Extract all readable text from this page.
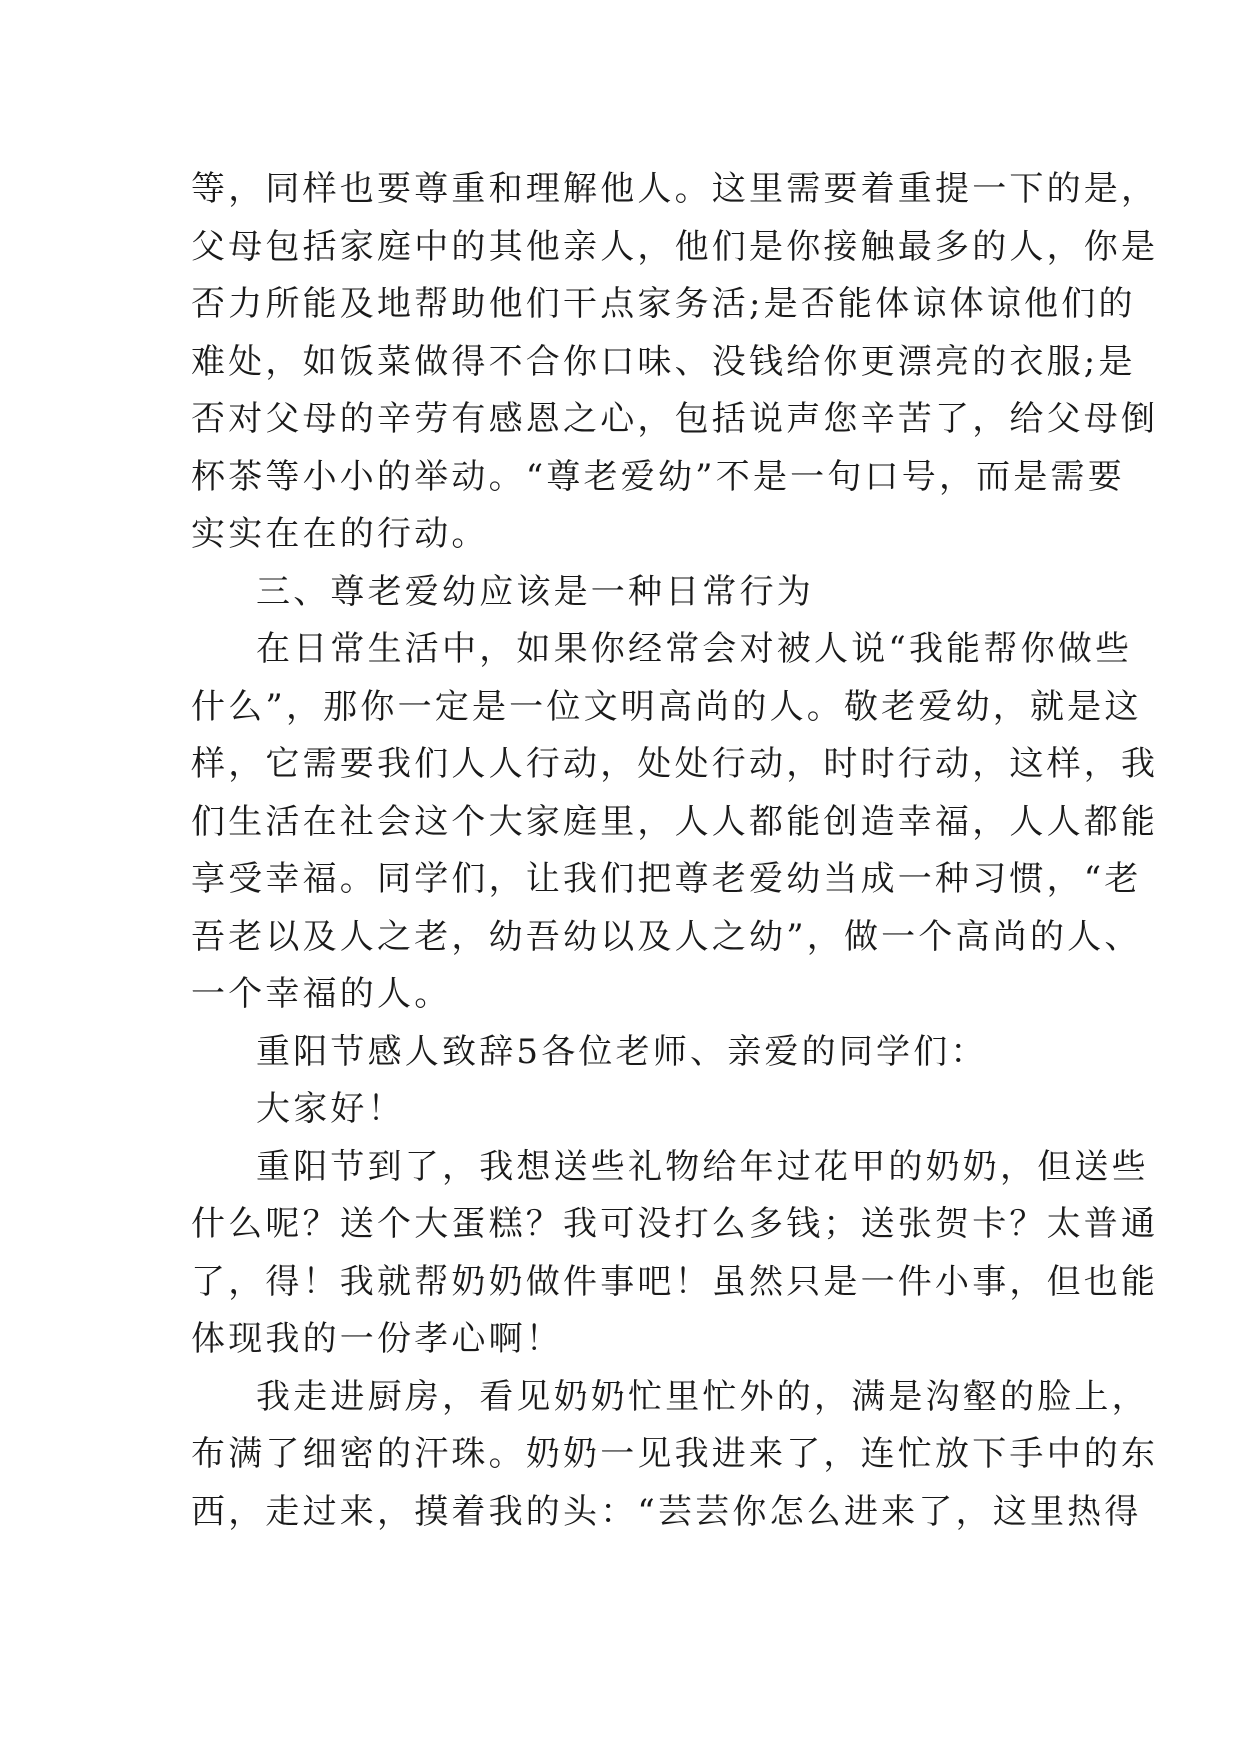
等，同样也要尊重和理解他人。这里需要着重提一下的是，
父母包括家庭中的其他亲人，他们是你接触最多的人，你是
否力所能及地帮助他们干点家务活;是否能体谅体谅他们的
难处，如饭菜做得不合你口味、没钱给你更漂亮的衣服;是
否对父母的辛劳有感恩之心，包括说声您辛苦了，给父母倒
杯茶等小小的举动。“尊老爱幼”不是一句口号，而是需要
实实在在的行动。
三、尊老爱幼应该是一种日常行为
在日常生活中，如果你经常会对被人说“我能帮你做些
什么”，那你一定是一位文明高尚的人。敬老爱幼，就是这
样，它需要我们人人行动，处处行动，时时行动，这样，我
们生活在社会这个大家庭里，人人都能创造幸福，人人都能
享受幸福。同学们，让我们把尊老爱幼当成一种习惯，“老
吾老以及人之老，幼吾幼以及人之幼”，做一个高尚的人、
一个幸福的人。
重阳节感人致辞5各位老师、亲爱的同学们：
大家好！
重阳节到了，我想送些礼物给年过花甲的奶奶，但送些
什么呢？送个大蛋糕？我可没打么多钱；送张贺卡？太普通
了，得！我就帮奶奶做件事吧！虽然只是一件小事，但也能
体现我的一份孝心啊！
我走进厨房，看见奶奶忙里忙外的，满是沟壑的脸上，
布满了细密的汗珠。奶奶一见我进来了，连忙放下手中的东
西，走过来，摸着我的头：“芸芸你怎么进来了，这里热得
